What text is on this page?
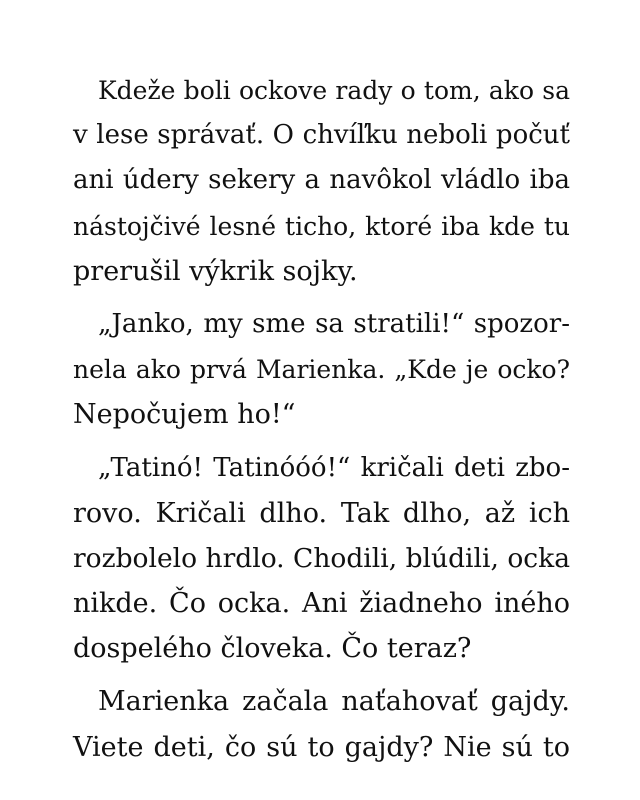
Kdeže boli ockove rady o tom, ako sa
v lese správať. O chvíľku neboli počuť
ani údery sekery a navôkol vládlo iba
nástojčivé lesné ticho, ktoré iba kde tu
prerušil výkrik sojky.
„Janko, my sme sa stratili!“ spozor-
nela ako prvá Marienka. „Kde je ocko?
Nepočujem ho!“
„Tatinó! Tatinóóó!“ kričali deti zbo-
rovo. Kričali dlho. Tak dlho, až ich
rozbolelo hrdlo. Chodili, blúdili, ocka
nikde. Čo ocka. Ani žiadneho iného
dospelého človeka. Čo teraz?
Marienka začala naťahovať gajdy.
Viete deti, čo sú to gajdy? Nie sú to
